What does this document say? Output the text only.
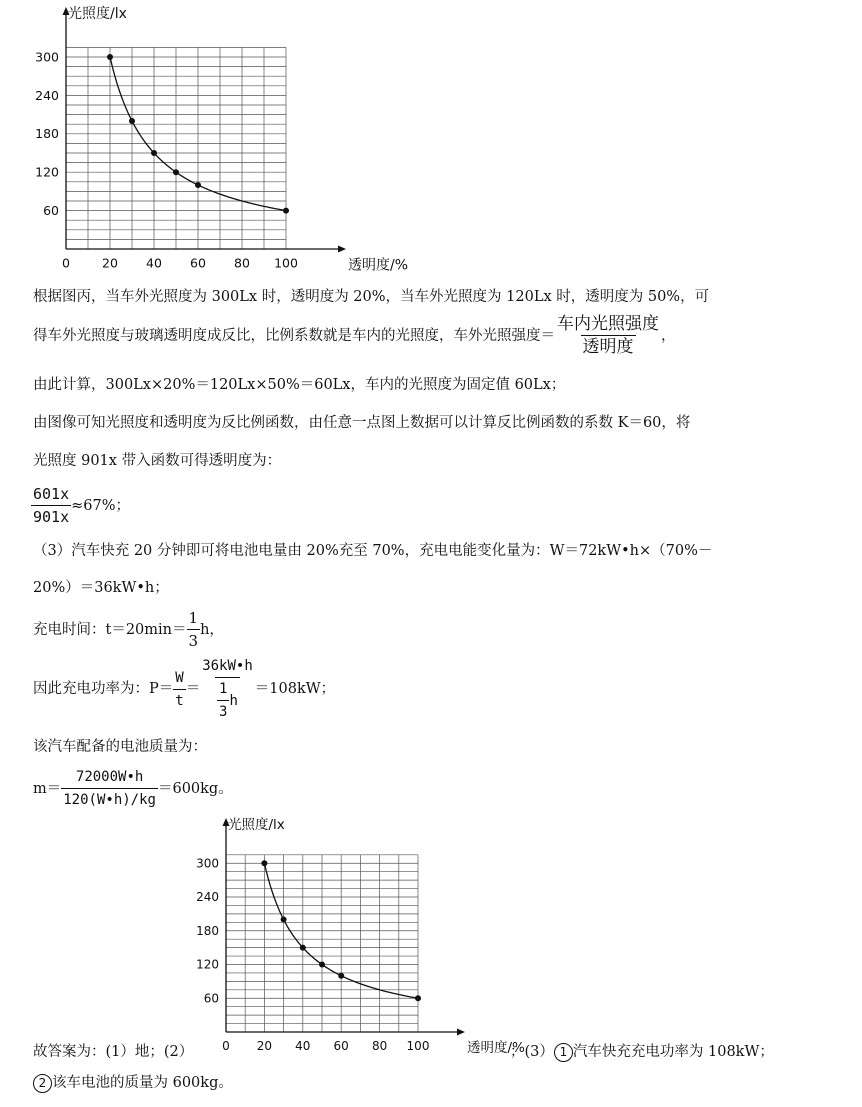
0	20 40 60 80 100
60
120
180
240
300
光照度/lx
透明度/%
根据图丙，当车外光照度为 300Lx 时，透明度为 20%，当车外光照度为 120Lx 时，透明度为 50%，可
得车外光照度与玻璃透明度成反比，比例系数就是车内的光照度，车外光照强度＝ $\frac{\text{车内光照强度}}{\text{透明度}}$ ，
由此计算，300Lx×20%＝120Lx×50%＝60Lx，车内的光照度为固定值 60Lx；
由图像可知光照度和透明度为反比例函数，由任意一点图上数据可以计算反比例函数的系数 K＝60，将
光照度 901x 带入函数可得透明度为：
$\frac{601x}{901x} \approx 67\%$；
（3）汽车快充 20 分钟即可将电池电量由 20%充至 70%，充电电能变化量为：W＝72kW•h×（70%－
20%）＝36kW•h；
充电时间：$t=20\min= \frac{1}{3}$ h，
因此充电功率为：$P= \frac{W}{t} = \frac{36kW•h}{\frac{1}{3} h} =108kW$；
该汽车配备的电池质量为：
$m= \frac{72000W•h}{120(W•h)/kg} =600kg$。
0 20 40 60 80 100
60
120
180
240
300
光照度/lx
透明度/%
故答案为：(1）地；(2）	；(3） 1 汽车快充充电功率为 108kW；
2 该车电池的质量为 600kg。
